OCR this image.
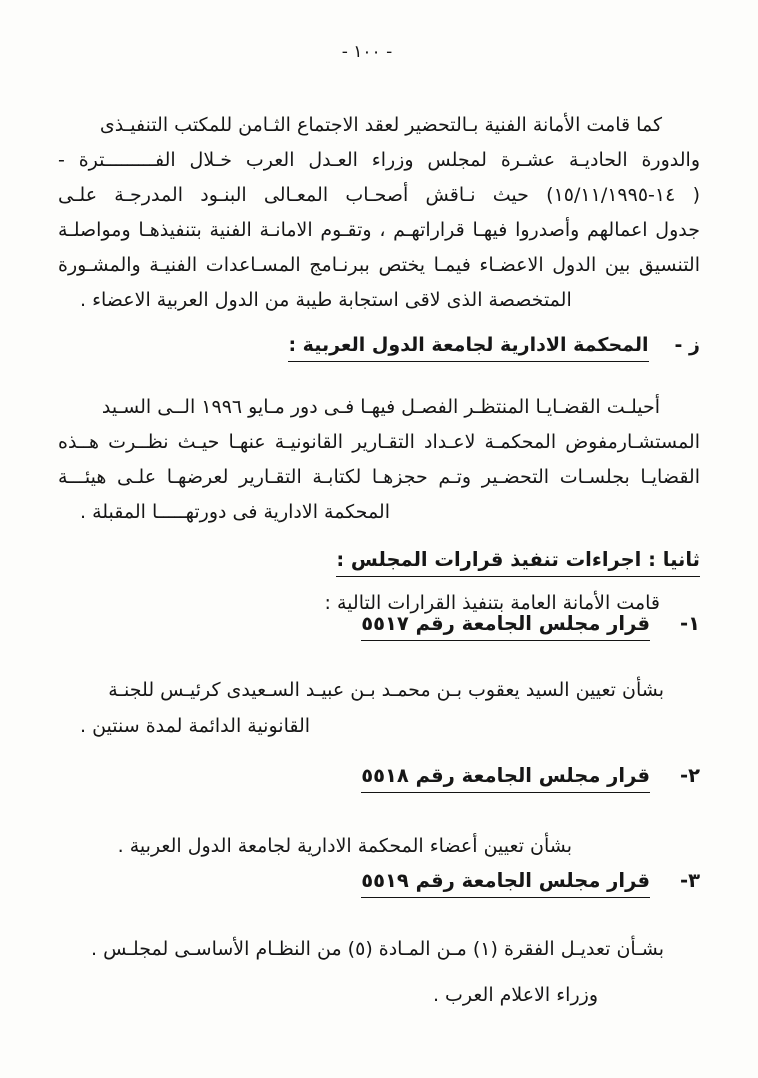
- ١٠٠ -
كما قامت الأمانة الفنية بـالتحضير لعقد الاجتماع الثـامن للمكتب التنفيـذى
والدورة الحاديـة عشـرة لمجلس وزراء العـدل العرب خـلال الفـــــــــترة -
‪(١٤-١٥/١١/١٩٩٥ )‬ حيث نـاقش أصحـاب المعـالى البنـود المدرجـة علـى
جدول اعمالهم وأصدروا فيهـا قراراتهـم ، وتقـوم الامانـة الفنية بتنفيذهـا ومواصلـة
التنسيق بين الدول الاعضـاء فيمـا يختص ببرنـامج المسـاعدات الفنيـة والمشـورة
المتخصصة الذى لاقى استجابة طيبة من الدول العربية الاعضاء .
ز -
المحكمة الادارية لجامعة الدول العربية :
أحيلـت القضـايـا المنتظـر الفصـل فيهـا فـى دور مـايو ١٩٩٦ الــى السـيد
المستشـارمفوض المحكمـة لاعـداد التقـارير القانونيـة عنهـا حيـث نظــرت هــذه
القضايـا بجلسـات التحضـير وتـم حجزهـا لكتابـة التقـارير لعرضهـا علـى هيئـــة
المحكمة الادارية فى دورتهـــــا المقبلة .
ثانيا : اجراءات تنفيذ قرارات المجلس :
قامت الأمانة العامة بتنفيذ القرارات التالية :
١-
قرار مجلس الجامعة رقم ٥٥١٧
بشأن تعيين السيد يعقوب بـن محمـد بـن عبيـد السـعيدى كرئيـس للجنـة
القانونية الدائمة لمدة سنتين .
٢-
قرار مجلس الجامعة رقم ٥٥١٨
بشأن تعيين أعضاء المحكمة الادارية لجامعة الدول العربية .
٣-
قرار مجلس الجامعة رقم ٥٥١٩
بشـأن تعديـل الفقرة (١) مـن المـادة (٥) من النظـام الأساسـى لمجلـس .
وزراء الاعلام العرب .
